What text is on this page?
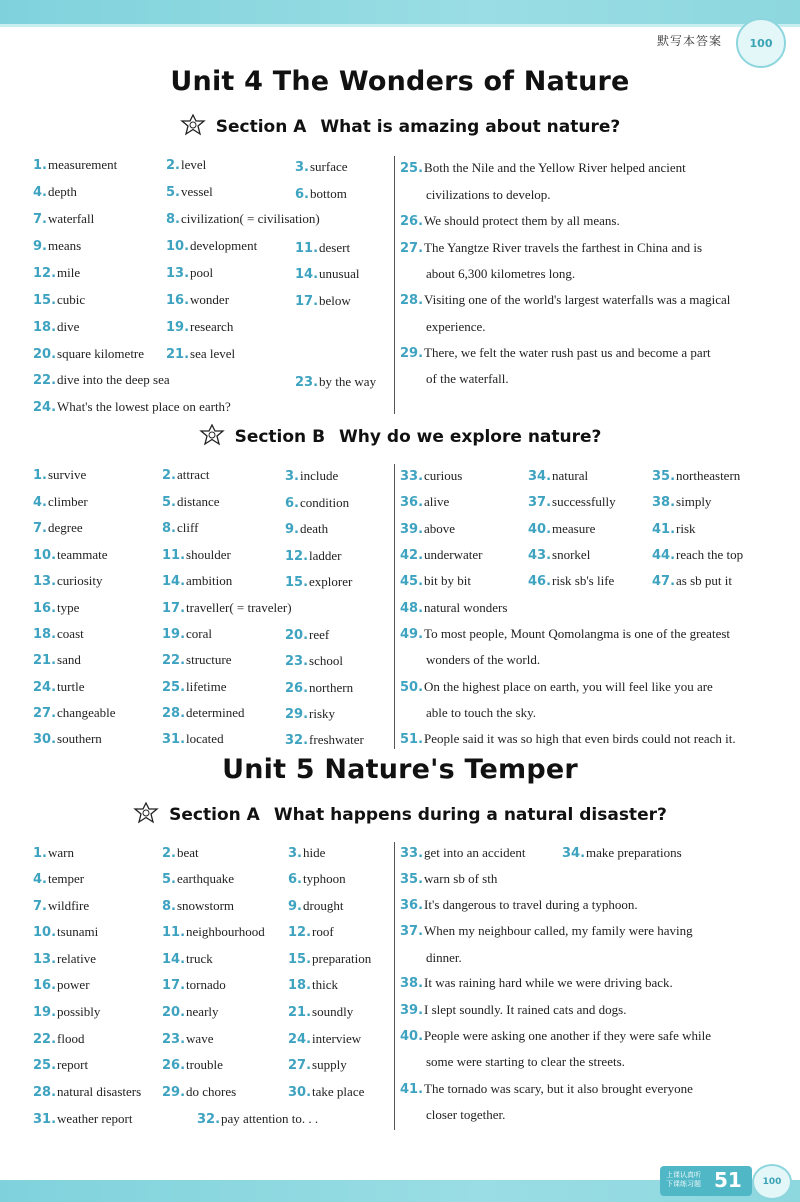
默写本答案	100
Unit 4 The Wonders of Nature
Section A What is amazing about nature?
1.measurement	2.level	3.surface
4.depth	5.vessel	6.bottom
7.waterfall	8.civilization( = civilisation)
9.means	10.development	11.desert
12.mile	13.pool	14.unusual
15.cubic	16.wonder	17.below
18.dive	19.research
20.square kilometre 21.sea level
22.dive into the deep sea	23.by the way
24.What's the lowest place on earth?
25.Both the Nile and the Yellow River helped ancient
civilizations to develop.
26.We should protect them by all means.
27.The Yangtze River travels the farthest in China and is
about 6,300 kilometres long.
28.Visiting one of the world's largest waterfalls was a magical
experience.
29.There, we felt the water rush past us and become a part
of the waterfall.
Section B Why do we explore nature?
1.survive	2.attract	3.include
4.climber	5.distance	6.condition
7.degree	8.cliff	9.death
10.teammate	11.shoulder	12.ladder
13.curiosity	14.ambition	15.explorer
16.type	17.traveller( = traveler)
18.coast	19.coral	20.reef
21.sand	22.structure	23.school
24.turtle	25.lifetime	26.northern
27.changeable	28.determined	29.risky
30.southern	31.located	32.freshwater
33.curious	34.natural	35.northeastern
36.alive	37.successfully	38.simply
39.above	40.measure	41.risk
42.underwater	43.snorkel	44.reach the top
45.bit by bit	46.risk sb's life	47.as sb put it
48.natural wonders
49.To most people, Mount Qomolangma is one of the greatest
wonders of the world.
50.On the highest place on earth, you will feel like you are
able to touch the sky.
51.People said it was so high that even birds could not reach it.
Unit 5 Nature's Temper
Section A What happens during a natural disaster?
1.warn	2.beat	3.hide
4.temper	5.earthquake	6.typhoon
7.wildfire	8.snowstorm	9.drought
10.tsunami	11.neighbourhood 12.roof
13.relative	14.truck	15.preparation
16.power	17.tornado	18.thick
19.possibly	20.nearly	21.soundly
22.flood	23.wave	24.interview
25.report	26.trouble	27.supply
28.natural disasters 29.do chores	30.take place
31.weather report	32.pay attention to. . .
33.get into an accident	34.make preparations
35.warn sb of sth
36.It's dangerous to travel during a typhoon.
37.When my neighbour called, my family were having
dinner.
38.It was raining hard while we were driving back.
39.I slept soundly. It rained cats and dogs.
40.People were asking one another if they were safe while
some were starting to clear the streets.
41.The tornado was scary, but it also brought everyone
closer together.
上课认真听 下课练习题 51 100
